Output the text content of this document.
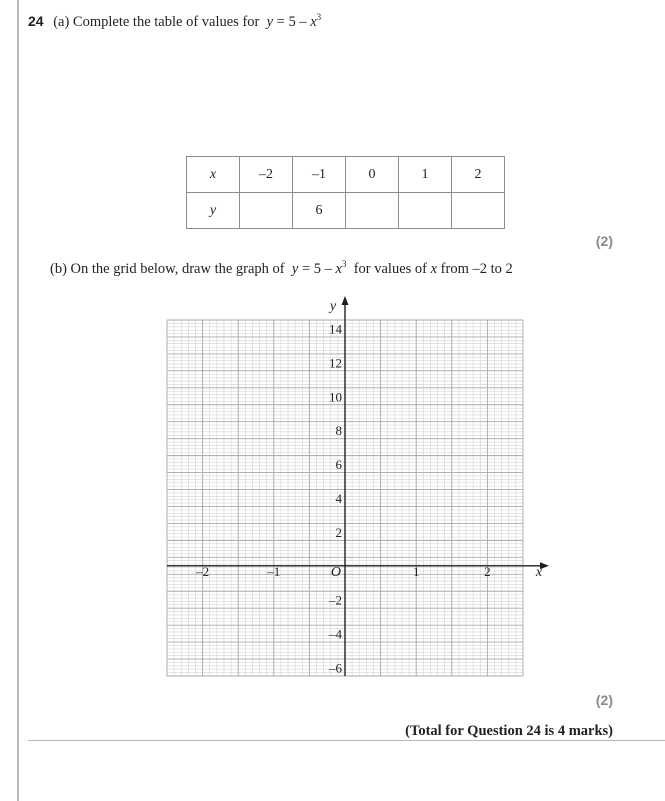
24 (a) Complete the table of values for $y = 5 - x^3$
x	–2	–1	0	1	2
y		6			
(2)
(b) On the grid below, draw the graph of $y = 5 - x^3$ for values of x from –2 to 2
–2	–1	1	2
–6
–4
–2
2
4
6
8
10
12
14
O	x
y
(2)
(Total for Question 24 is 4 marks)
